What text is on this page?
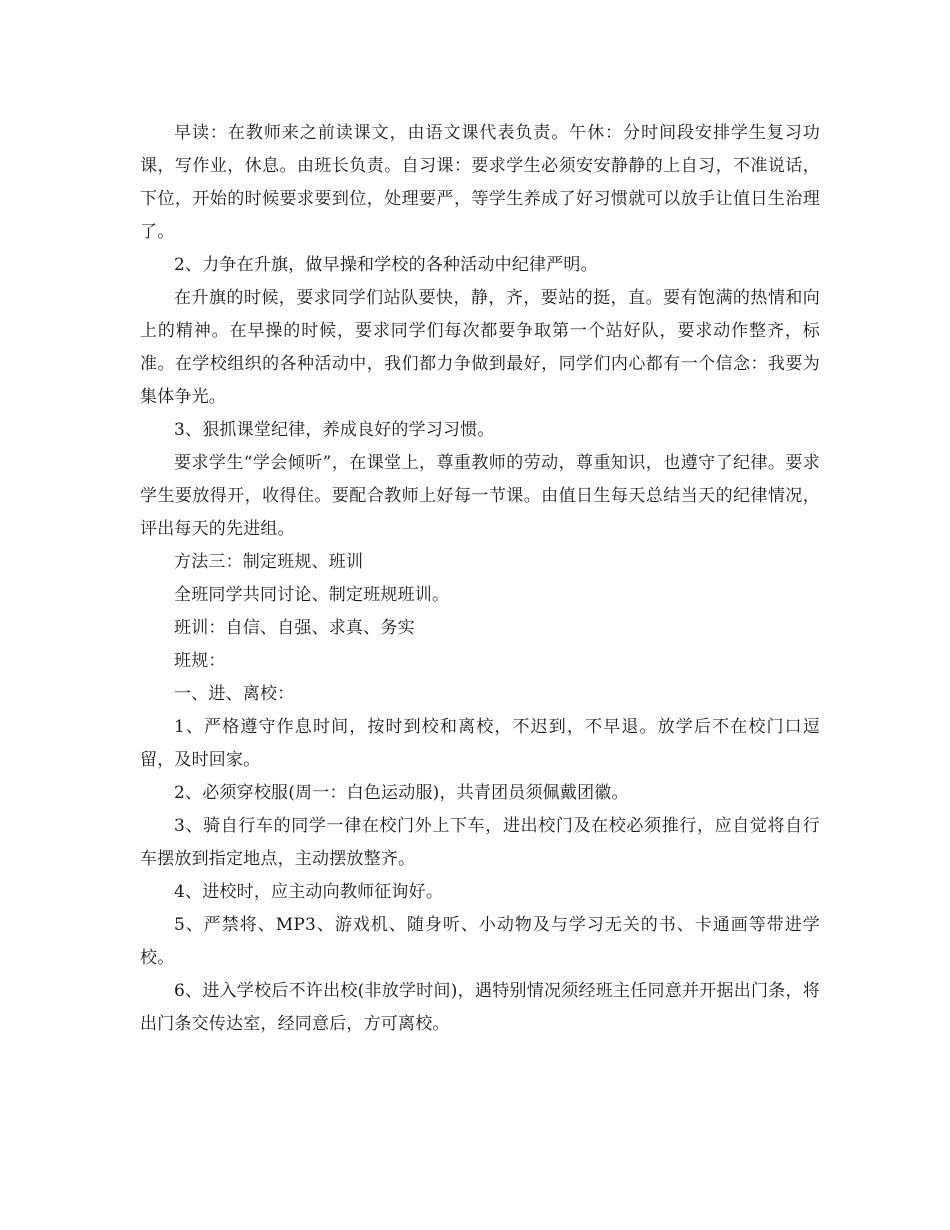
早读：在教师来之前读课文，由语文课代表负责。午休：分时间段安排学生复习功课，写作业，休息。由班长负责。自习课：要求学生必须安安静静的上自习，不准说话，下位，开始的时候要求要到位，处理要严，等学生养成了好习惯就可以放手让值日生治理了。

2、力争在升旗，做早操和学校的各种活动中纪律严明。

在升旗的时候，要求同学们站队要快，静，齐，要站的挺，直。要有饱满的热情和向上的精神。在早操的时候，要求同学们每次都要争取第一个站好队，要求动作整齐，标准。在学校组织的各种活动中，我们都力争做到最好，同学们内心都有一个信念：我要为集体争光。

3、狠抓课堂纪律，养成良好的学习习惯。

要求学生“学会倾听”，在课堂上，尊重教师的劳动，尊重知识，也遵守了纪律。要求学生要放得开，收得住。要配合教师上好每一节课。由值日生每天总结当天的纪律情况，评出每天的先进组。

方法三：制定班规、班训

全班同学共同讨论、制定班规班训。

班训：自信、自强、求真、务实

班规：

一、进、离校：

1、严格遵守作息时间，按时到校和离校，不迟到，不早退。放学后不在校门口逗留，及时回家。

2、必须穿校服(周一：白色运动服)，共青团员须佩戴团徽。

3、骑自行车的同学一律在校门外上下车，进出校门及在校必须推行，应自觉将自行车摆放到指定地点，主动摆放整齐。

4、进校时，应主动向教师征询好。

5、严禁将、MP3、游戏机、随身听、小动物及与学习无关的书、卡通画等带进学校。

6、进入学校后不许出校(非放学时间)，遇特别情况须经班主任同意并开据出门条，将出门条交传达室，经同意后，方可离校。
